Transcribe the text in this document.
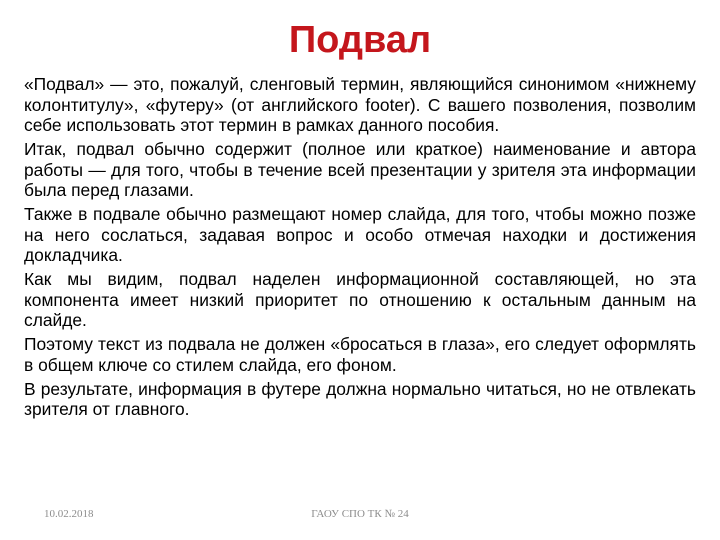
Подвал

«Подвал» — это, пожалуй, сленговый термин, являющийся синонимом «нижнему колонтитулу», «футеру» (от английского footer). С вашего позволения, позволим себе использовать этот термин в рамках данного пособия.

Итак, подвал обычно содержит (полное или краткое) наименование и автора работы — для того, чтобы в течение всей презентации у зрителя эта информации была перед глазами.

Также в подвале обычно размещают номер слайда, для того, чтобы можно позже на него сослаться, задавая вопрос и особо отмечая находки и достижения докладчика.

Как мы видим, подвал наделен информационной составляющей, но эта компонента имеет низкий приоритет по отношению к остальным данным на слайде.

Поэтому текст из подвала не должен «бросаться в глаза», его следует оформлять в общем ключе со стилем слайда, его фоном.

В результате, информация в футере должна нормально читаться, но не отвлекать зрителя от главного.

10.02.2018	ГАОУ СПО ТК № 24
